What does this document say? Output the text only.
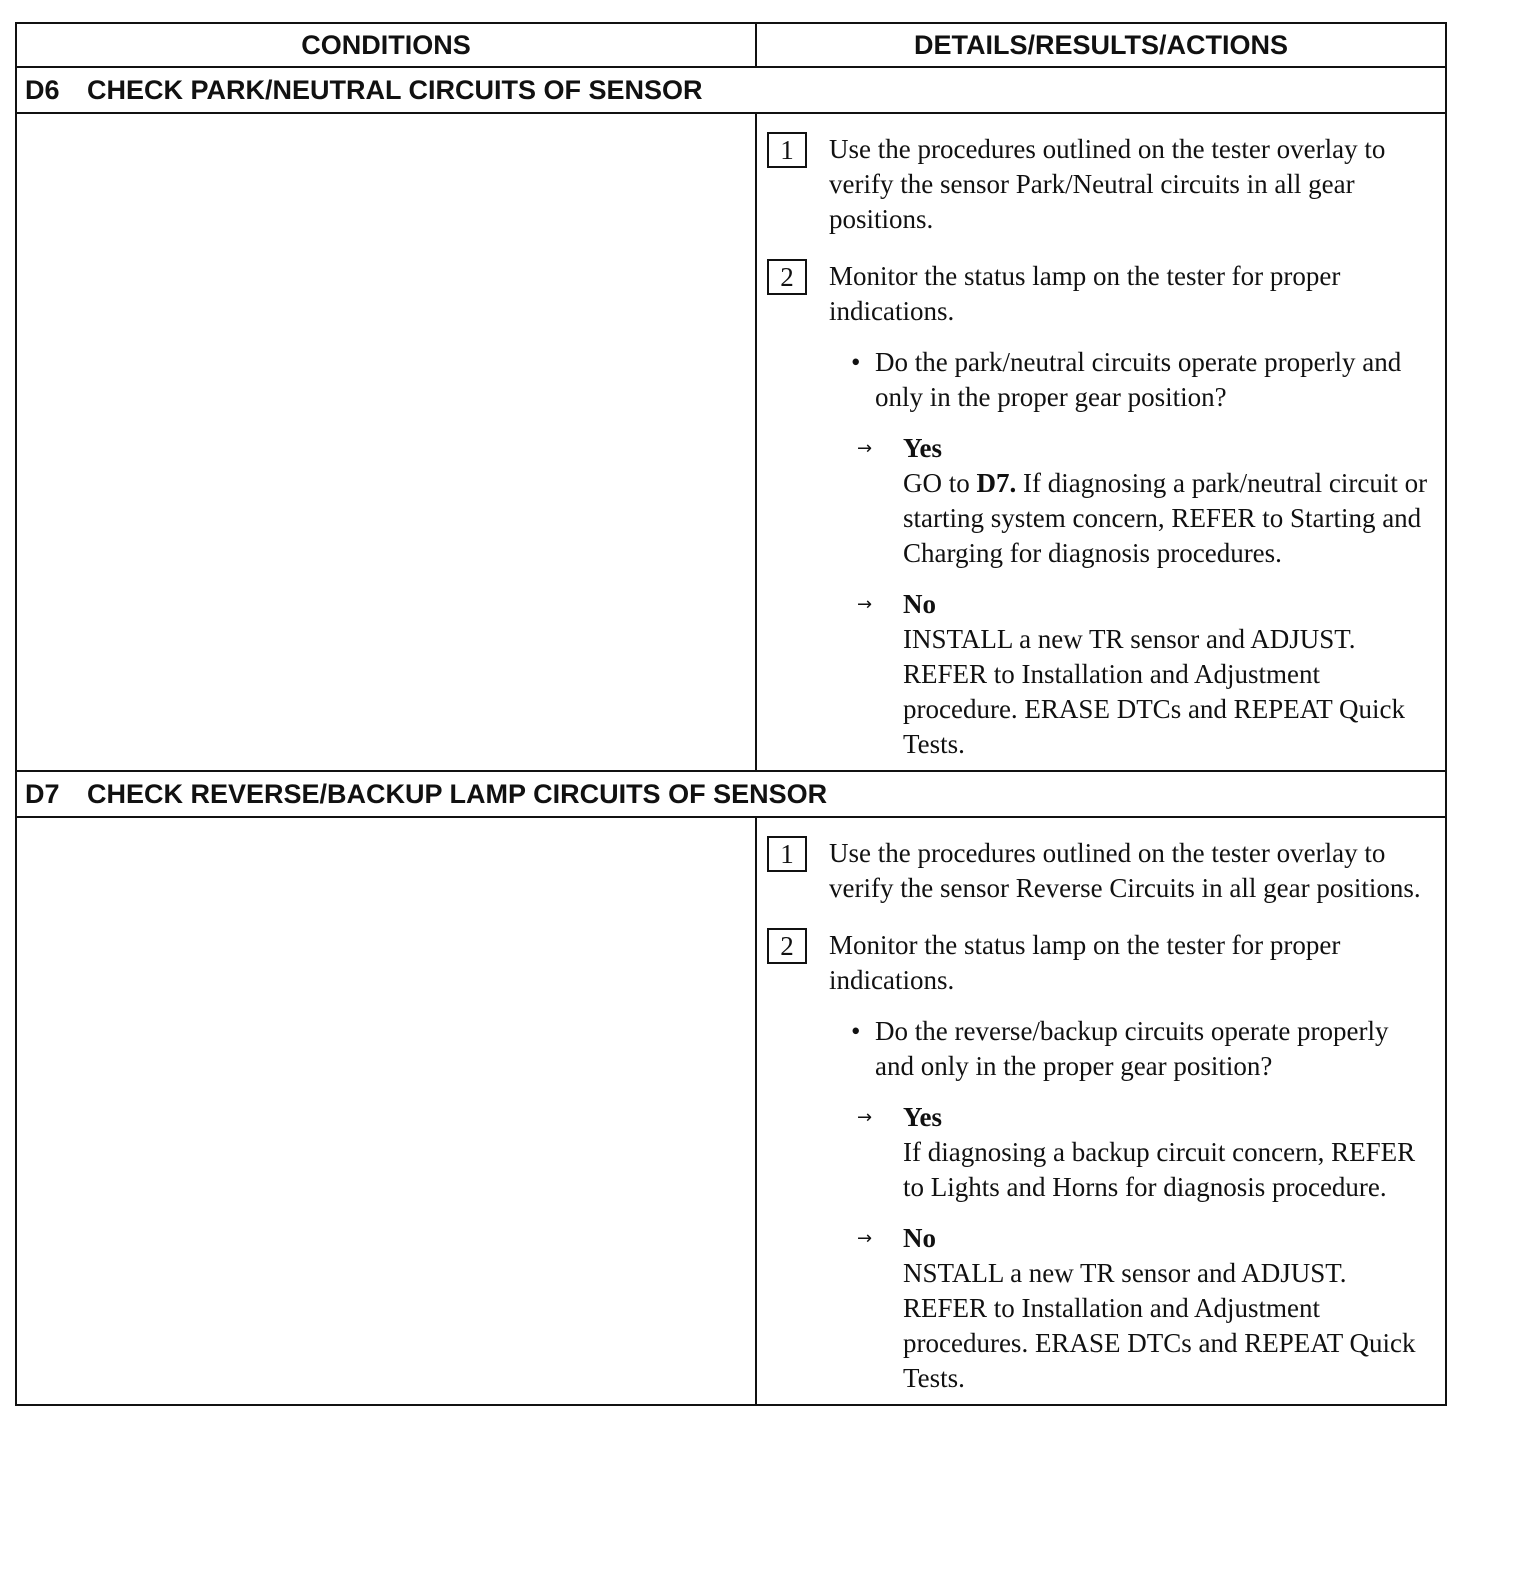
CONDITIONS	DETAILS/RESULTS/ACTIONS
D6	CHECK PARK/NEUTRAL CIRCUITS OF SENSOR
1	Use the procedures outlined on the tester overlay to verify the sensor Park/Neutral circuits in all gear positions.
2	Monitor the status lamp on the tester for proper indications.
• Do the park/neutral circuits operate properly and only in the proper gear position?
→	Yes
GO to D7. If diagnosing a park/neutral circuit or starting system concern, REFER to Starting and Charging for diagnosis procedures.
→	No
INSTALL a new TR sensor and ADJUST. REFER to Installation and Adjustment procedure. ERASE DTCs and REPEAT Quick Tests.
D7	CHECK REVERSE/BACKUP LAMP CIRCUITS OF SENSOR
1	Use the procedures outlined on the tester overlay to verify the sensor Reverse Circuits in all gear positions.
2	Monitor the status lamp on the tester for proper indications.
• Do the reverse/backup circuits operate properly and only in the proper gear position?
→	Yes
If diagnosing a backup circuit concern, REFER to Lights and Horns for diagnosis procedure.
→	No
NSTALL a new TR sensor and ADJUST. REFER to Installation and Adjustment procedures. ERASE DTCs and REPEAT Quick Tests.
